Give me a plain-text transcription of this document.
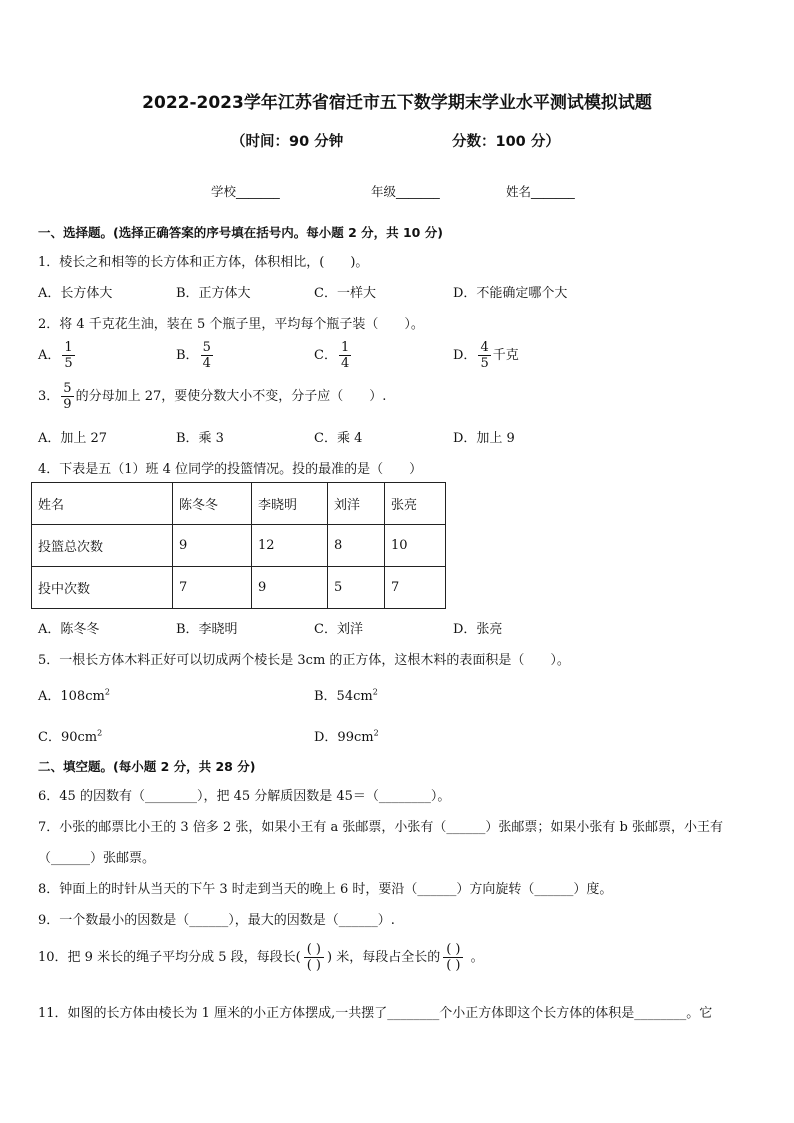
2022-2023学年江苏省宿迁市五下数学期末学业水平测试模拟试题
（时间：90 分钟	分数：100 分）
学校_______	年级_______	姓名_______
一、选择题。(选择正确答案的序号填在括号内。每小题 2 分，共 10 分)
1．棱长之和相等的长方体和正方体，体积相比，(　　)。
A．长方体大	B．正方体大	C．一样大	D．不能确定哪个大
2．将 4 千克花生油，装在 5 个瓶子里，平均每个瓶子装（　　）。
A． $\frac{1}{5}$	B． $\frac{5}{4}$	C． $\frac{1}{4}$	D． $\frac{4}{5}$ 千克
3． $\frac{5}{9}$ 的分母加上 27，要使分数大小不变，分子应（　　）.
A．加上 27	B．乘 3	C．乘 4	D．加上 9
4．下表是五（1）班 4 位同学的投篮情况。投的最准的是（　　）
姓名	陈冬冬	李晓明	刘洋	张亮
投篮总次数	9	12	8	10
投中次数	7	9	5	7
A．陈冬冬	B．李晓明	C．刘洋	D．张亮
5．一根长方体木料正好可以切成两个棱长是 3cm 的正方体，这根木料的表面积是（　　）。
A．$108cm^2$	B．$54cm^2$
C．$90cm^2$	D．$99cm^2$
二、填空题。(每小题 2 分，共 28 分)
6．45 的因数有（________），把 45 分解质因数是 45＝（________）。
7．小张的邮票比小王的 3 倍多 2 张，如果小王有 a 张邮票，小张有（______）张邮票；如果小张有 b 张邮票，小王有
（______）张邮票。
8．钟面上的时针从当天的下午 3 时走到当天的晚上 6 时，要沿（______）方向旋转（______）度。
9．一个数最小的因数是（______），最大的因数是（______）.
10．把 9 米长的绳子平均分成 5 段，每段长( $\frac{( )}{( )}$ ) 米，每段占全长的 $\frac{( )}{( )}$ 。
11．如图的长方体由棱长为 1 厘米的小正方体摆成,一共摆了________个小正方体即这个长方体的体积是________。它
